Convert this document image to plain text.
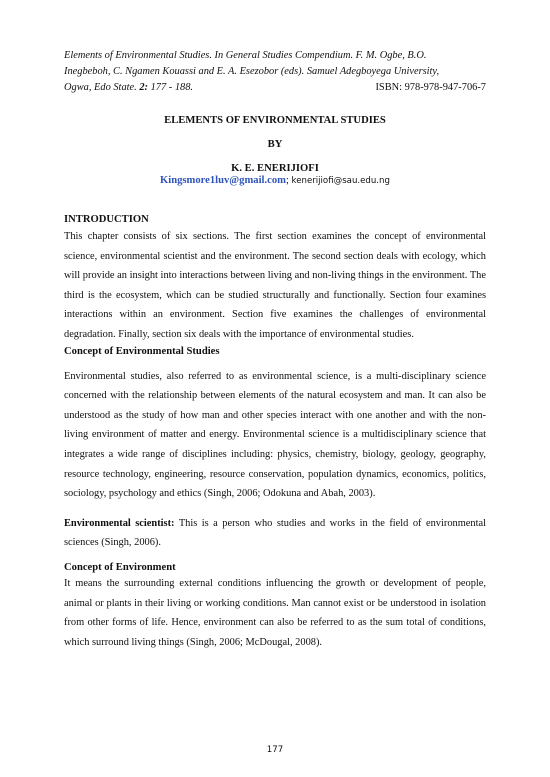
Elements of Environmental Studies. In General Studies Compendium. F. M. Ogbe, B.O.
Inegbeboh, C. Ngamen Kouassi and E. A. Esezobor (eds). Samuel Adegboyega University,
Ogwa, Edo State. 2: 177 - 188.	ISBN: 978-978-947-706-7
ELEMENTS OF ENVIRONMENTAL STUDIES
BY
K. E. ENERIJIOFI
Kingsmore1luv@gmail.com; kenerijiofi@sau.edu.ng
INTRODUCTION

This chapter consists of six sections. The first section examines the concept of environmental science, environmental scientist and the environment. The second section deals with ecology, which will provide an insight into interactions between living and non-living things in the environment. The third is the ecosystem, which can be studied structurally and functionally. Section four examines interactions within an environment. Section five examines the challenges of environmental degradation. Finally, section six deals with the importance of environmental studies.

Concept of Environmental Studies

Environmental studies, also referred to as environmental science, is a multi-disciplinary science concerned with the relationship between elements of the natural ecosystem and man. It can also be understood as the study of how man and other species interact with one another and with the non-living environment of matter and energy. Environmental science is a multidisciplinary science that integrates a wide range of disciplines including: physics, chemistry, biology, geology, geography, resource technology, engineering, resource conservation, population dynamics, economics, politics, sociology, psychology and ethics (Singh, 2006; Odokuna and Abah, 2003).

Environmental scientist: This is a person who studies and works in the field of environmental sciences (Singh, 2006).

Concept of Environment

It means the surrounding external conditions influencing the growth or development of people, animal or plants in their living or working conditions. Man cannot exist or be understood in isolation from other forms of life. Hence, environment can also be referred to as the sum total of conditions, which surround living things (Singh, 2006; McDougal, 2008).

177
